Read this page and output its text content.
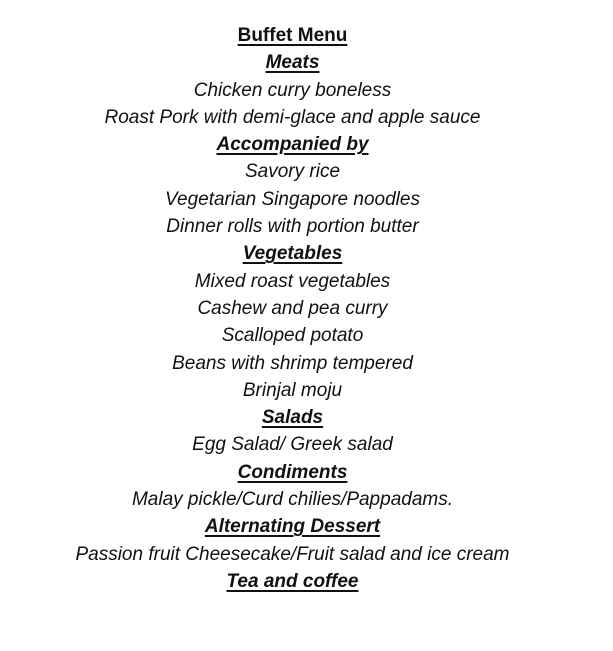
Buffet Menu
Meats
Chicken curry boneless
Roast Pork with demi-glace and apple sauce
Accompanied by
Savory rice
Vegetarian Singapore noodles
Dinner rolls with portion butter
Vegetables
Mixed roast vegetables
Cashew and pea curry
Scalloped potato
Beans with shrimp tempered
Brinjal moju
Salads
Egg Salad/ Greek salad
Condiments
Malay pickle/Curd chilies/Pappadams.
Alternating Dessert
Passion fruit Cheesecake/Fruit salad and ice cream
Tea and coffee
